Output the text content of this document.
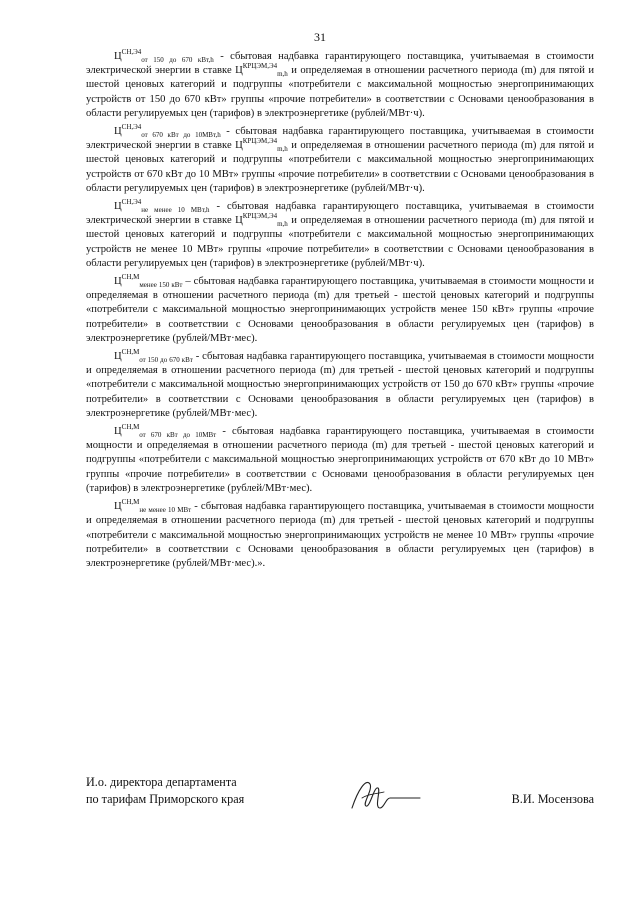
31

$Ц^{СН,Э4}_{от 150 до 670 кВт,h}$ - сбытовая надбавка гарантирующего поставщика, учитываемая в стоимости электрической энергии в ставке $Ц^{КРЦЭМ,Э4}_{m,h}$ и определяемая в отношении расчетного периода (m) для пятой и шестой ценовых категорий и подгруппы «потребители с максимальной мощностью энергопринимающих устройств от 150 до 670 кВт» группы «прочие потребители» в соответствии с Основами ценообразования в области регулируемых цен (тарифов) в электроэнергетике (рублей/МВт·ч).

$Ц^{СН,Э4}_{от 670 кВт до 10МВт,h}$ - сбытовая надбавка гарантирующего поставщика, учитываемая в стоимости электрической энергии в ставке $Ц^{КРЦЭМ,Э4}_{m,h}$ и определяемая в отношении расчетного периода (m) для пятой и шестой ценовых категорий и подгруппы «потребители с максимальной мощностью энергопринимающих устройств от 670 кВт до 10 МВт» группы «прочие потребители» в соответствии с Основами ценообразования в области регулируемых цен (тарифов) в электроэнергетике (рублей/МВт·ч).

$Ц^{СН,Э4}_{не менее 10 МВт,h}$ - сбытовая надбавка гарантирующего поставщика, учитываемая в стоимости электрической энергии в ставке $Ц^{КРЦЭМ,Э4}_{m,h}$ и определяемая в отношении расчетного периода (m) для пятой и шестой ценовых категорий и подгруппы «потребители с максимальной мощностью энергопринимающих устройств не менее 10 МВт» группы «прочие потребители» в соответствии с Основами ценообразования в области регулируемых цен (тарифов) в электроэнергетике (рублей/МВт·ч).

$Ц^{СН,М}_{менее 150 кВт}$ – сбытовая надбавка гарантирующего поставщика, учитываемая в стоимости мощности и определяемая в отношении расчетного периода (m) для третьей - шестой ценовых категорий и подгруппы «потребители с максимальной мощностью энергопринимающих устройств менее 150 кВт» группы «прочие потребители» в соответствии с Основами ценообразования в области регулируемых цен (тарифов) в электроэнергетике (рублей/МВт·мес).

$Ц^{СН,М}_{от 150 до 670 кВт}$ - сбытовая надбавка гарантирующего поставщика, учитываемая в стоимости мощности и определяемая в отношении расчетного периода (m) для третьей - шестой ценовых категорий и подгруппы «потребители с максимальной мощностью энергопринимающих устройств от 150 до 670 кВт» группы «прочие потребители» в соответствии с Основами ценообразования в области регулируемых цен (тарифов) в электроэнергетике (рублей/МВт·мес).

$Ц^{СН,М}_{от 670 кВт до 10МВт}$ - сбытовая надбавка гарантирующего поставщика, учитываемая в стоимости мощности и определяемая в отношении расчетного периода (m) для третьей - шестой ценовых категорий и подгруппы «потребители с максимальной мощностью энергопринимающих устройств от 670 кВт до 10 МВт» группы «прочие потребители» в соответствии с Основами ценообразования в области регулируемых цен (тарифов) в электроэнергетике (рублей/МВт·мес).

$Ц^{СН,М}_{не менее 10 МВт}$ - сбытовая надбавка гарантирующего поставщика, учитываемая в стоимости мощности и определяемая в отношении расчетного периода (m) для третьей - шестой ценовых категорий и подгруппы «потребители с максимальной мощностью энергопринимающих устройств не менее 10 МВт» группы «прочие потребители» в соответствии с Основами ценообразования в области регулируемых цен (тарифов) в электроэнергетике (рублей/МВт·мес).».

И.о. директора департамента
по тарифам Приморского края	В.И. Мосензова
